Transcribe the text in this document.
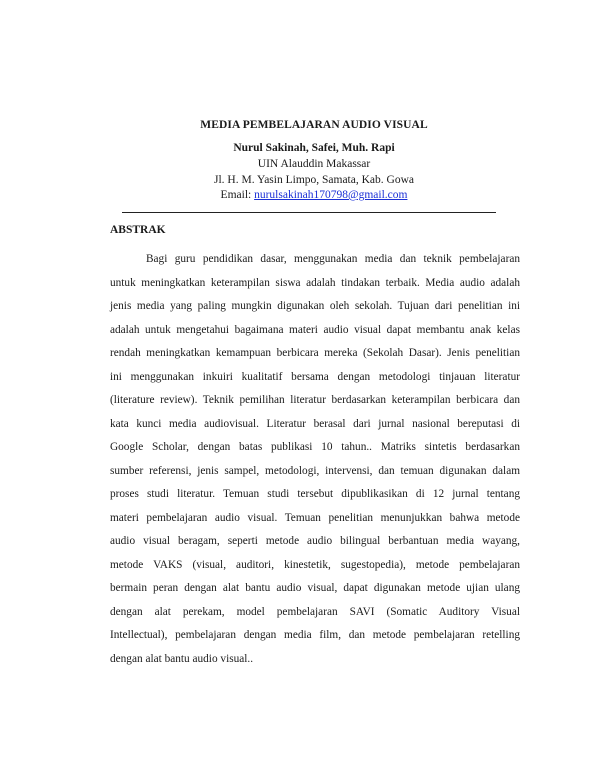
MEDIA PEMBELAJARAN AUDIO VISUAL
Nurul Sakinah, Safei, Muh. Rapi
UIN Alauddin Makassar
Jl. H. M. Yasin Limpo, Samata, Kab. Gowa
Email: nurulsakinah170798@gmail.com
ABSTRAK
Bagi guru pendidikan dasar, menggunakan media dan teknik pembelajaran
untuk meningkatkan keterampilan siswa adalah tindakan terbaik. Media audio adalah
jenis media yang paling mungkin digunakan oleh sekolah. Tujuan dari penelitian ini
adalah untuk mengetahui bagaimana materi audio visual dapat membantu anak kelas
rendah meningkatkan kemampuan berbicara mereka (Sekolah Dasar). Jenis penelitian
ini menggunakan inkuiri kualitatif bersama dengan metodologi tinjauan literatur
(literature review). Teknik pemilihan literatur berdasarkan keterampilan berbicara dan
kata kunci media audiovisual. Literatur berasal dari jurnal nasional bereputasi di
Google Scholar, dengan batas publikasi 10 tahun.. Matriks sintetis berdasarkan
sumber referensi, jenis sampel, metodologi, intervensi, dan temuan digunakan dalam
proses studi literatur. Temuan studi tersebut dipublikasikan di 12 jurnal tentang
materi pembelajaran audio visual. Temuan penelitian menunjukkan bahwa metode
audio visual beragam, seperti metode audio bilingual berbantuan media wayang,
metode VAKS (visual, auditori, kinestetik, sugestopedia), metode pembelajaran
bermain peran dengan alat bantu audio visual, dapat digunakan metode ujian ulang
dengan alat perekam, model pembelajaran SAVI (Somatic Auditory Visual
Intellectual), pembelajaran dengan media film, dan metode pembelajaran retelling
dengan alat bantu audio visual..
